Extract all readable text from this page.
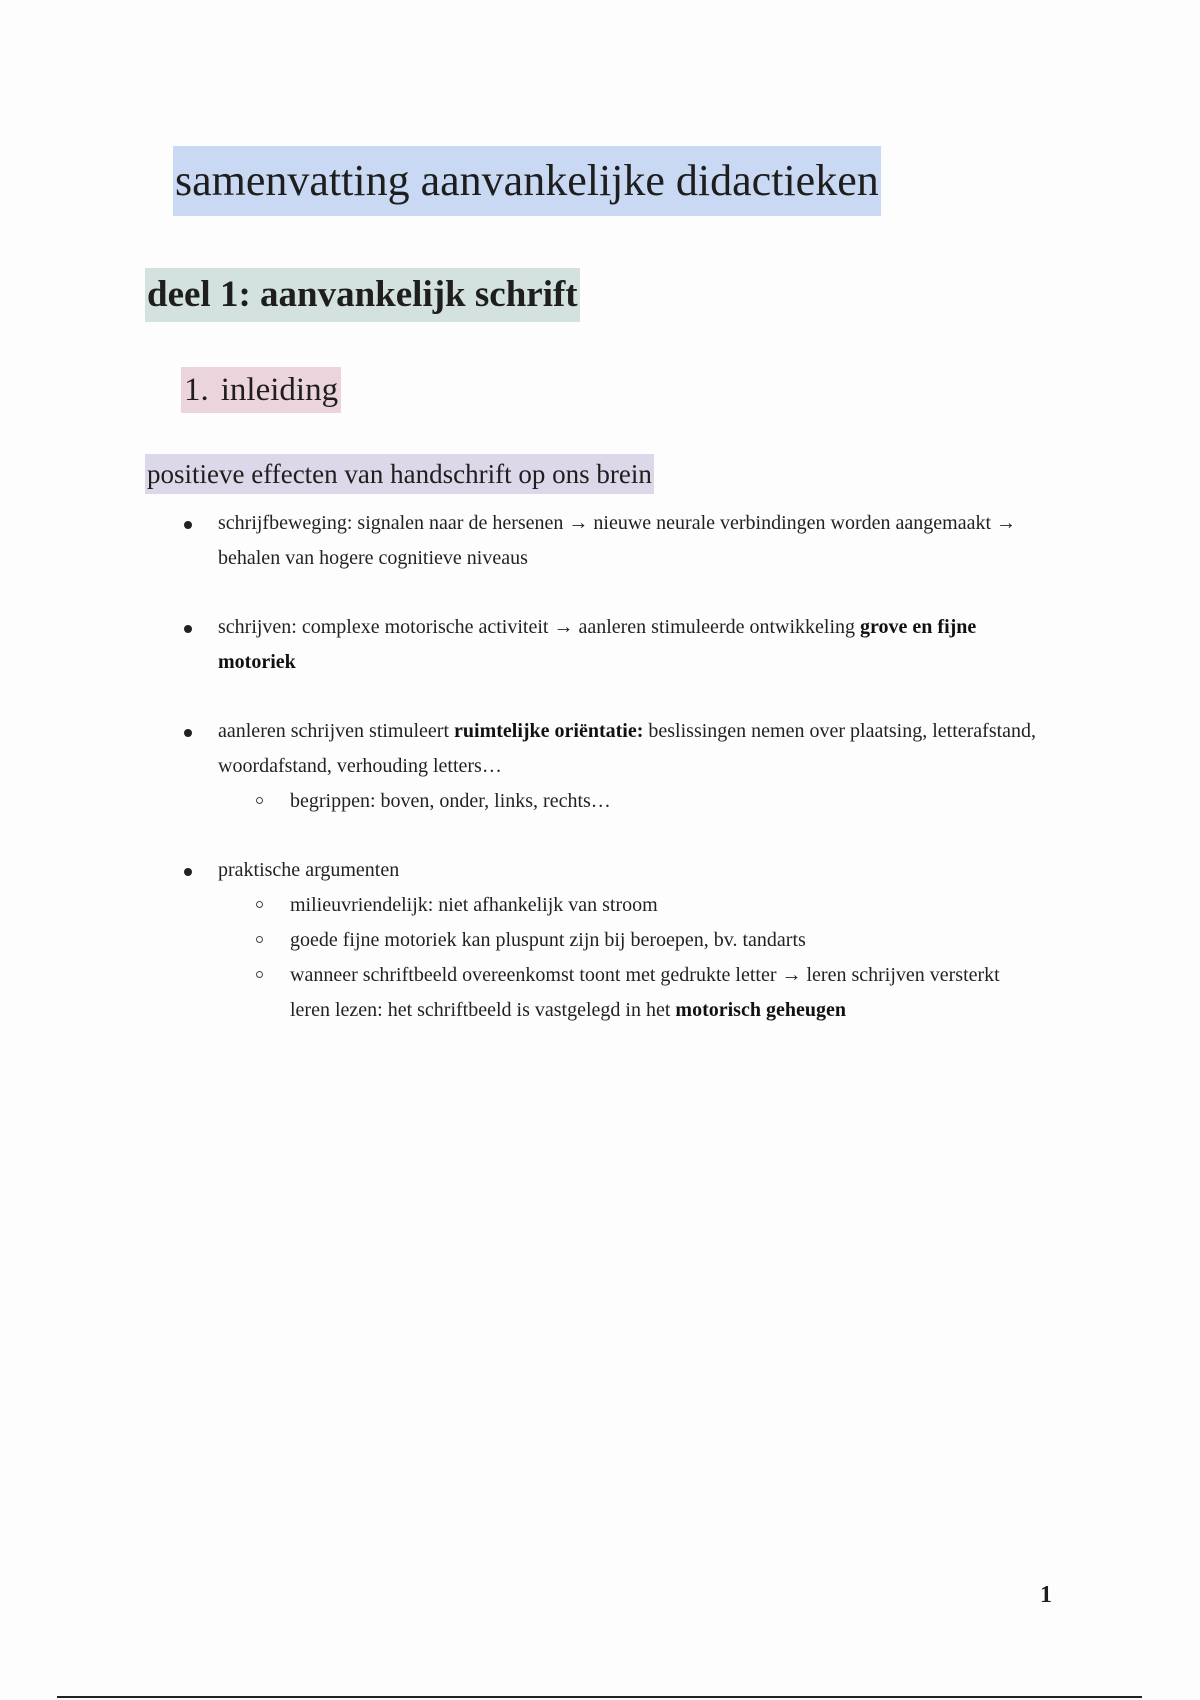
samenvatting aanvankelijke didactieken
deel 1: aanvankelijk schrift
1. inleiding
positieve effecten van handschrift op ons brein
schrijfbeweging: signalen naar de hersenen → nieuwe neurale verbindingen worden aangemaakt → behalen van hogere cognitieve niveaus
schrijven: complexe motorische activiteit → aanleren stimuleerde ontwikkeling grove en fijne motoriek
aanleren schrijven stimuleert ruimtelijke oriëntatie: beslissingen nemen over plaatsing, letterafstand, woordafstand, verhouding letters…
begrippen: boven, onder, links, rechts…
praktische argumenten
milieuvriendelijk: niet afhankelijk van stroom
goede fijne motoriek kan pluspunt zijn bij beroepen, bv. tandarts
wanneer schriftbeeld overeenkomst toont met gedrukte letter → leren schrijven versterkt leren lezen: het schriftbeeld is vastgelegd in het motorisch geheugen
1
